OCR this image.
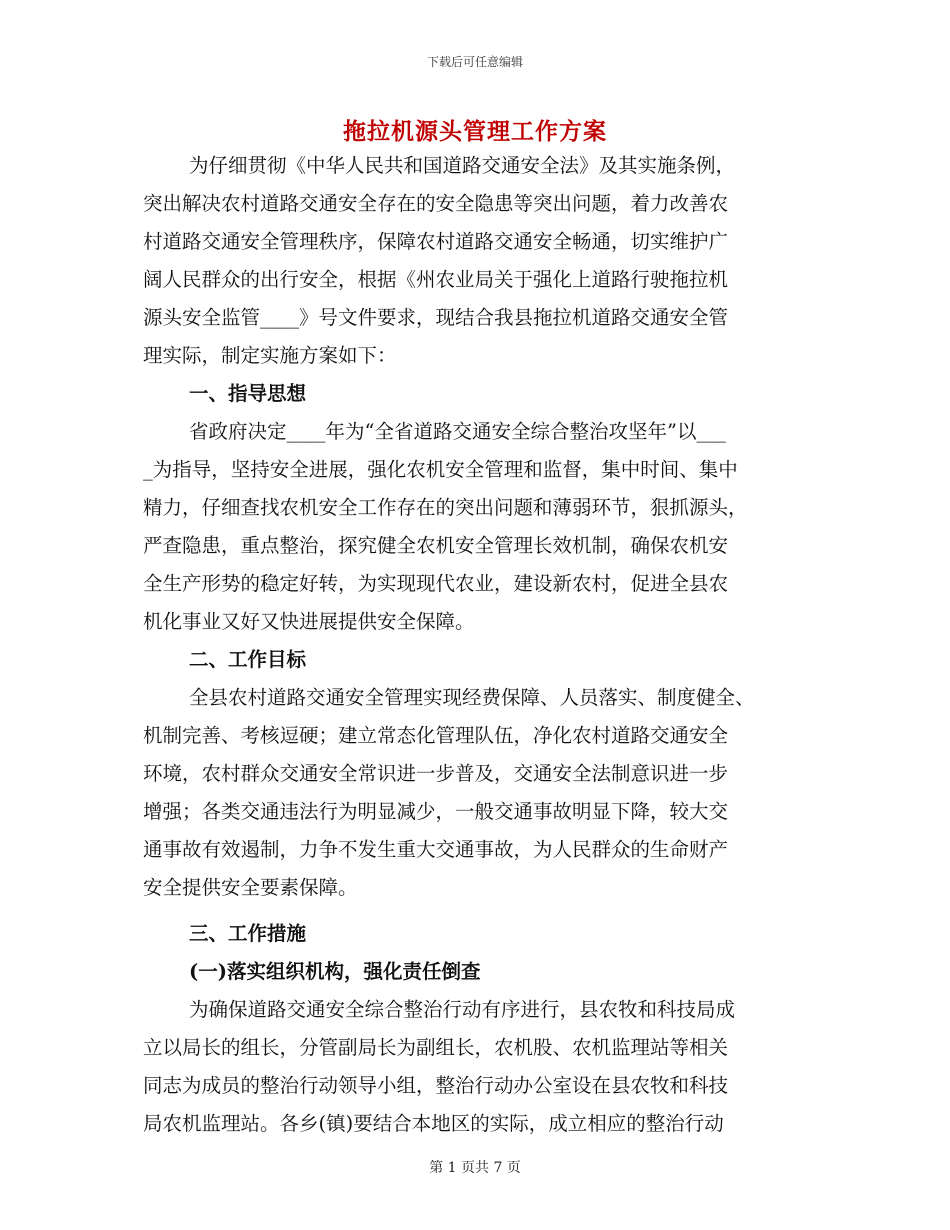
下载后可任意编辑
拖拉机源头管理工作方案

为仔细贯彻《中华人民共和国道路交通安全法》及其实施条例，

突出解决农村道路交通安全存在的安全隐患等突出问题，着力改善农

村道路交通安全管理秩序，保障农村道路交通安全畅通，切实维护广

阔人民群众的出行安全，根据《州农业局关于强化上道路行驶拖拉机

源头安全监管____》号文件要求，现结合我县拖拉机道路交通安全管

理实际，制定实施方案如下：

一、指导思想

省政府决定____年为“全省道路交通安全综合整治攻坚年”以___

_为指导，坚持安全进展，强化农机安全管理和监督，集中时间、集中

精力，仔细查找农机安全工作存在的突出问题和薄弱环节，狠抓源头，

严查隐患，重点整治，探究健全农机安全管理长效机制，确保农机安

全生产形势的稳定好转，为实现现代农业，建设新农村，促进全县农

机化事业又好又快进展提供安全保障。

二、工作目标

全县农村道路交通安全管理实现经费保障、人员落实、制度健全、

机制完善、考核逗硬；建立常态化管理队伍，净化农村道路交通安全

环境，农村群众交通安全常识进一步普及，交通安全法制意识进一步

增强；各类交通违法行为明显减少，一般交通事故明显下降，较大交

通事故有效遏制，力争不发生重大交通事故，为人民群众的生命财产

安全提供安全要素保障。

三、工作措施
(一)落实组织机构，强化责任倒查

为确保道路交通安全综合整治行动有序进行，县农牧和科技局成

立以局长的组长，分管副局长为副组长，农机股、农机监理站等相关

同志为成员的整治行动领导小组，整治行动办公室设在县农牧和科技

局农机监理站。各乡(镇)要结合本地区的实际，成立相应的整治行动

第 1 页共 7 页
